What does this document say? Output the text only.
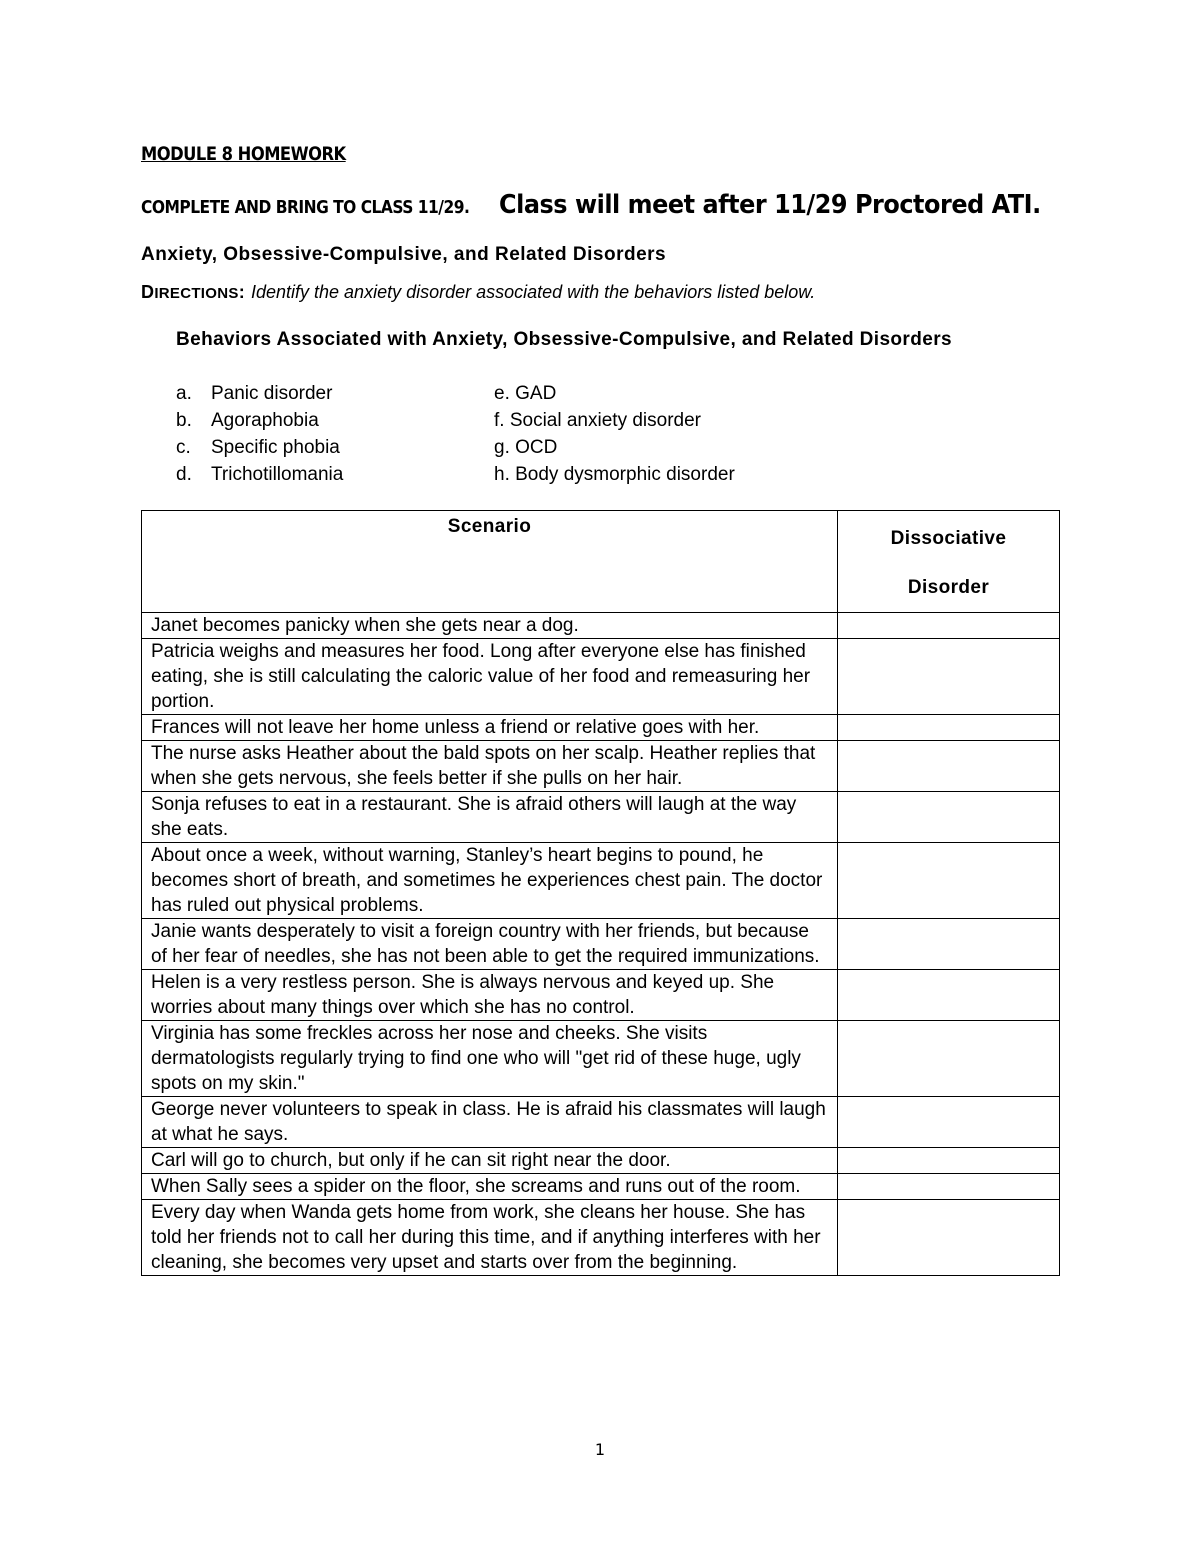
MODULE 8 HOMEWORK
COMPLETE AND BRING TO CLASS 11/29. Class will meet after 11/29 Proctored ATI.
Anxiety, Obsessive-Compulsive, and Related Disorders
DIRECTIONS: Identify the anxiety disorder associated with the behaviors listed below.
Behaviors Associated with Anxiety, Obsessive-Compulsive, and Related Disorders
a. Panic disorder
b. Agoraphobia
c. Specific phobia
d. Trichotillomania
e. GAD
f. Social anxiety disorder
g. OCD
h. Body dysmorphic disorder
Scenario	Dissociative
Disorder
Janet becomes panicky when she gets near a dog.	
Patricia weighs and measures her food. Long after everyone else has finished eating, she is still calculating the caloric value of her food and remeasuring her portion.	
Frances will not leave her home unless a friend or relative goes with her.	
The nurse asks Heather about the bald spots on her scalp. Heather replies that when she gets nervous, she feels better if she pulls on her hair.	
Sonja refuses to eat in a restaurant. She is afraid others will laugh at the way she eats.	
About once a week, without warning, Stanley’s heart begins to pound, he becomes short of breath, and sometimes he experiences chest pain. The doctor has ruled out physical problems.	
Janie wants desperately to visit a foreign country with her friends, but because of her fear of needles, she has not been able to get the required immunizations.	
Helen is a very restless person. She is always nervous and keyed up. She worries about many things over which she has no control.	
Virginia has some freckles across her nose and cheeks. She visits dermatologists regularly trying to find one who will "get rid of these huge, ugly spots on my skin."	
George never volunteers to speak in class. He is afraid his classmates will laugh at what he says.	
Carl will go to church, but only if he can sit right near the door.	
When Sally sees a spider on the floor, she screams and runs out of the room.	
Every day when Wanda gets home from work, she cleans her house. She has told her friends not to call her during this time, and if anything interferes with her cleaning, she becomes very upset and starts over from the beginning.	
1
